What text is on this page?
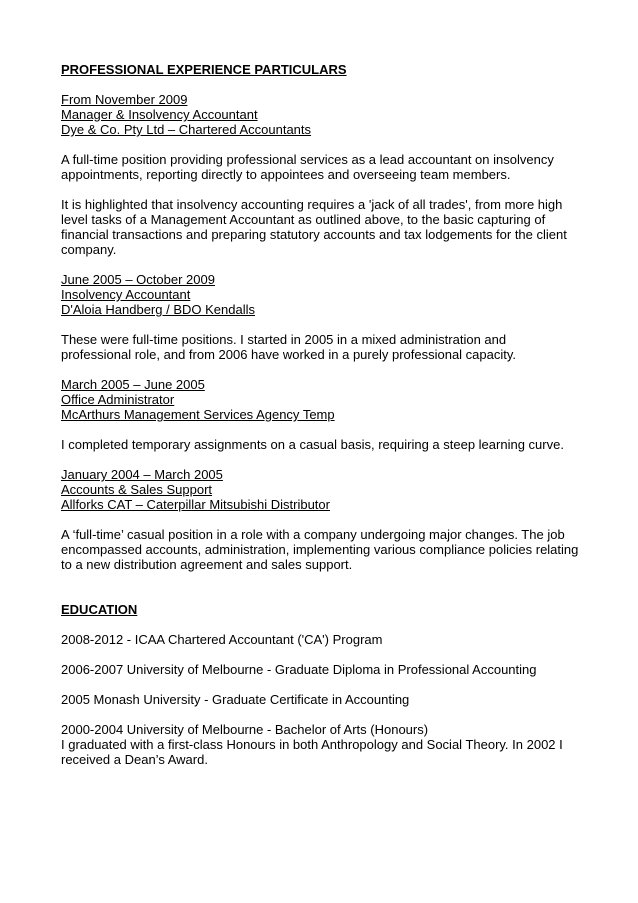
PROFESSIONAL EXPERIENCE PARTICULARS

From November 2009
Manager & Insolvency Accountant
Dye & Co. Pty Ltd – Chartered Accountants

A full-time position providing professional services as a lead accountant on insolvency
appointments, reporting directly to appointees and overseeing team members.

It is highlighted that insolvency accounting requires a 'jack of all trades', from more high
level tasks of a Management Accountant as outlined above, to the basic capturing of
financial transactions and preparing statutory accounts and tax lodgements for the client
company.

June 2005 – October 2009
Insolvency Accountant
D'Aloia Handberg / BDO Kendalls

These were full-time positions. I started in 2005 in a mixed administration and
professional role, and from 2006 have worked in a purely professional capacity.

March 2005 – June 2005
Office Administrator
McArthurs Management Services Agency Temp

I completed temporary assignments on a casual basis, requiring a steep learning curve.

January 2004 – March 2005
Accounts & Sales Support
Allforks CAT – Caterpillar Mitsubishi Distributor

A ‘full-time’ casual position in a role with a company undergoing major changes. The job
encompassed accounts, administration, implementing various compliance policies relating
to a new distribution agreement and sales support.

EDUCATION

2008-2012 - ICAA Chartered Accountant ('CA') Program

2006-2007 University of Melbourne - Graduate Diploma in Professional Accounting

2005 Monash University - Graduate Certificate in Accounting

2000-2004 University of Melbourne - Bachelor of Arts (Honours)
I graduated with a first-class Honours in both Anthropology and Social Theory. In 2002 I
received a Dean’s Award.
